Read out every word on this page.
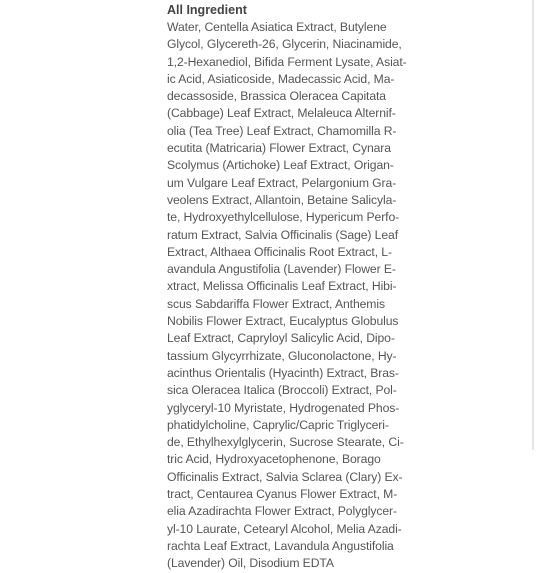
All Ingredient
Water, Centella Asiatica Extract, Butylene
Glycol, Glycereth-26, Glycerin, Niacinamide,
1,2-Hexanediol, Bifida Ferment Lysate, Asiat-
ic Acid, Asiaticoside, Madecassic Acid, Ma-
decassoside, Brassica Oleracea Capitata
(Cabbage) Leaf Extract, Melaleuca Alternif-
olia (Tea Tree) Leaf Extract, Chamomilla R-
ecutita (Matricaria) Flower Extract, Cynara
Scolymus (Artichoke) Leaf Extract, Origan-
um Vulgare Leaf Extract, Pelargonium Gra-
veolens Extract, Allantoin, Betaine Salicyla-
te, Hydroxyethylcellulose, Hypericum Perfo-
ratum Extract, Salvia Officinalis (Sage) Leaf
Extract, Althaea Officinalis Root Extract, L-
avandula Angustifolia (Lavender) Flower E-
xtract, Melissa Officinalis Leaf Extract, Hibi-
scus Sabdariffa Flower Extract, Anthemis
Nobilis Flower Extract, Eucalyptus Globulus
Leaf Extract, Capryloyl Salicylic Acid, Dipo-
tassium Glycyrrhizate, Gluconolactone, Hy-
acinthus Orientalis (Hyacinth) Extract, Bras-
sica Oleracea Italica (Broccoli) Extract, Pol-
yglyceryl-10 Myristate, Hydrogenated Phos-
phatidylcholine, Caprylic/Capric Triglyceri-
de, Ethylhexylglycerin, Sucrose Stearate, Ci-
tric Acid, Hydroxyacetophenone, Borago
Officinalis Extract, Salvia Sclarea (Clary) Ex-
tract, Centaurea Cyanus Flower Extract, M-
elia Azadirachta Flower Extract, Polyglycer-
yl-10 Laurate, Cetearyl Alcohol, Melia Azadi-
rachta Leaf Extract, Lavandula Angustifolia
(Lavender) Oil, Disodium EDTA
